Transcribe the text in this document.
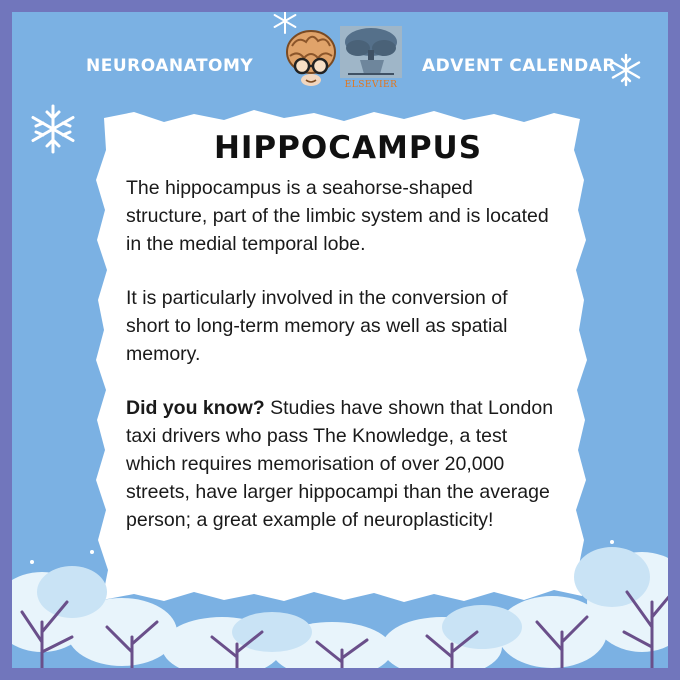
NEUROANATOMY
ELSEVIER
ADVENT CALENDAR
HIPPOCAMPUS

The hippocampus is a seahorse-shaped structure, part of the limbic system and is located in the medial temporal lobe.

It is particularly involved in the conversion of short to long-term memory as well as spatial memory.

Did you know? Studies have shown that London taxi drivers who pass The Knowledge, a test which requires memorisation of over 20,000 streets, have larger hippocampi than the average person; a great example of neuroplasticity!
